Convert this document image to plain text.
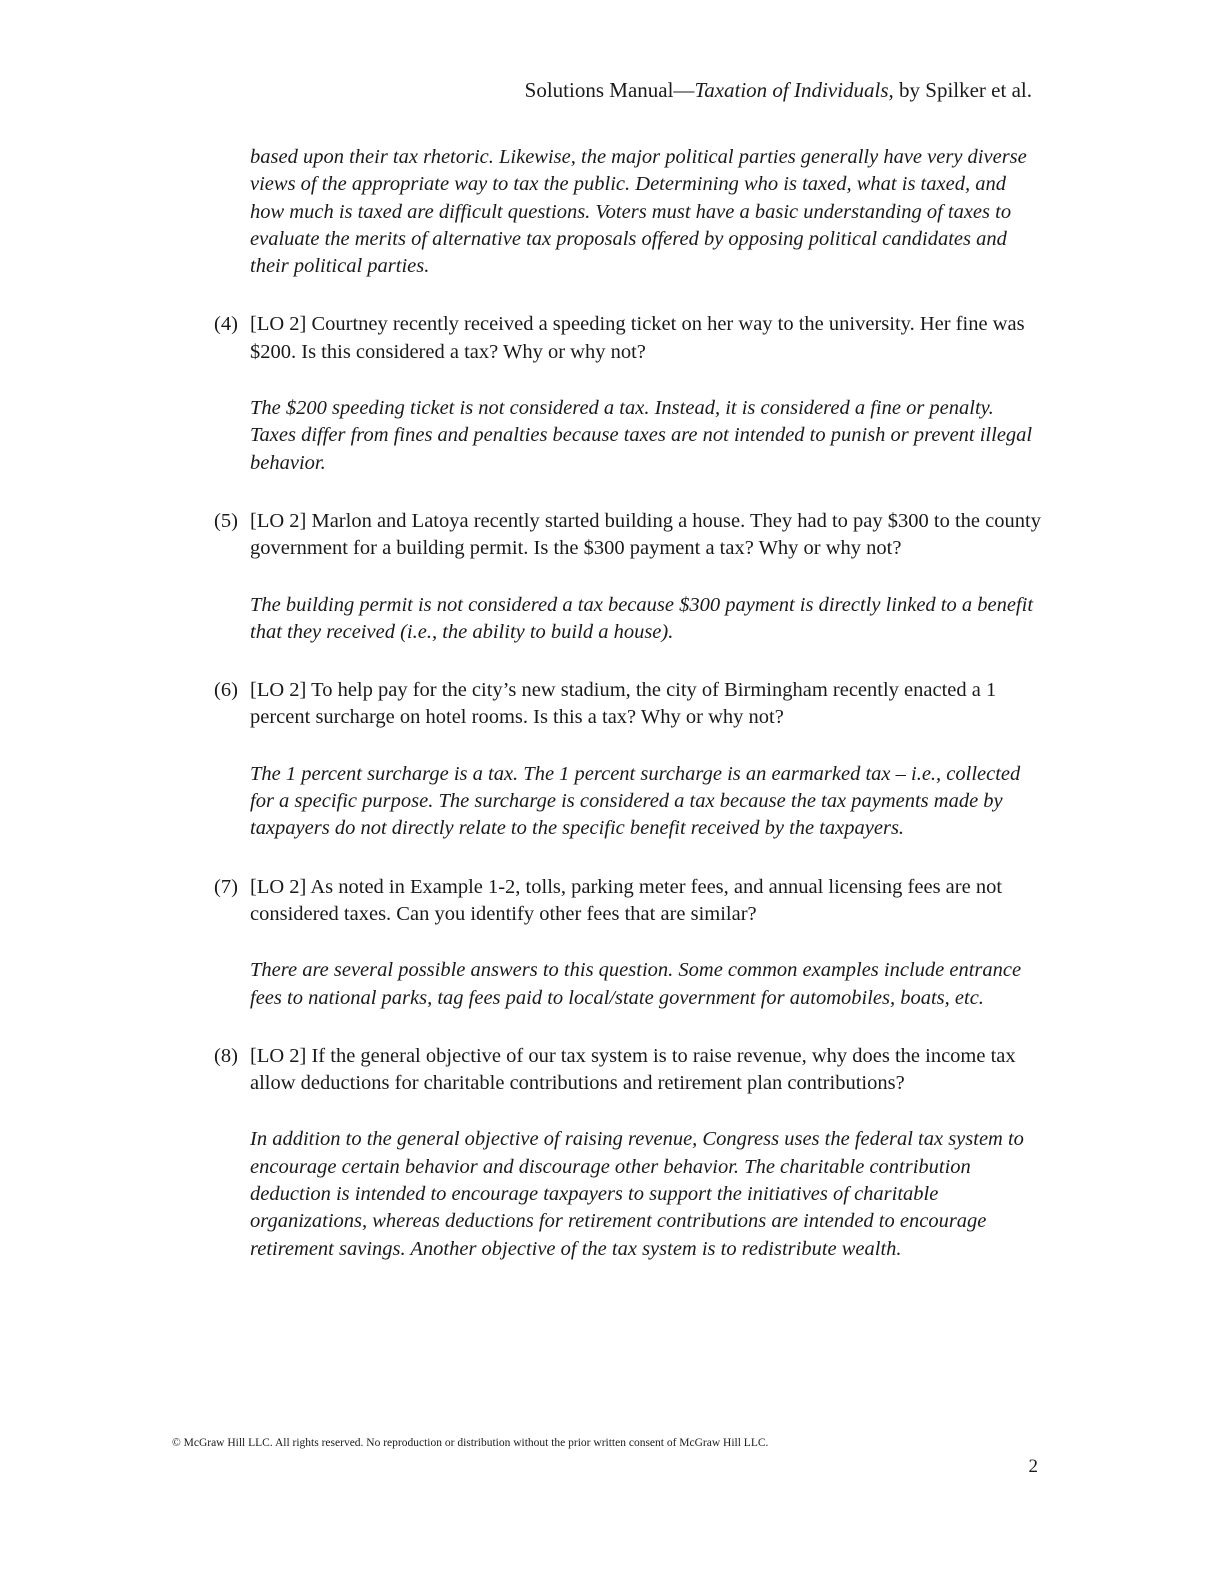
Solutions Manual—Taxation of Individuals, by Spilker et al.

based upon their tax rhetoric. Likewise, the major political parties generally have very diverse views of the appropriate way to tax the public. Determining who is taxed, what is taxed, and how much is taxed are difficult questions. Voters must have a basic understanding of taxes to evaluate the merits of alternative tax proposals offered by opposing political candidates and their political parties.

(4) [LO 2] Courtney recently received a speeding ticket on her way to the university. Her fine was $200. Is this considered a tax? Why or why not?

The $200 speeding ticket is not considered a tax. Instead, it is considered a fine or penalty. Taxes differ from fines and penalties because taxes are not intended to punish or prevent illegal behavior.

(5) [LO 2] Marlon and Latoya recently started building a house. They had to pay $300 to the county government for a building permit. Is the $300 payment a tax? Why or why not?

The building permit is not considered a tax because $300 payment is directly linked to a benefit that they received (i.e., the ability to build a house).

(6) [LO 2] To help pay for the city’s new stadium, the city of Birmingham recently enacted a 1 percent surcharge on hotel rooms. Is this a tax? Why or why not?

The 1 percent surcharge is a tax. The 1 percent surcharge is an earmarked tax – i.e., collected for a specific purpose. The surcharge is considered a tax because the tax payments made by taxpayers do not directly relate to the specific benefit received by the taxpayers.

(7) [LO 2] As noted in Example 1-2, tolls, parking meter fees, and annual licensing fees are not considered taxes. Can you identify other fees that are similar?

There are several possible answers to this question. Some common examples include entrance fees to national parks, tag fees paid to local/state government for automobiles, boats, etc.

(8) [LO 2] If the general objective of our tax system is to raise revenue, why does the income tax allow deductions for charitable contributions and retirement plan contributions?

In addition to the general objective of raising revenue, Congress uses the federal tax system to encourage certain behavior and discourage other behavior. The charitable contribution deduction is intended to encourage taxpayers to support the initiatives of charitable organizations, whereas deductions for retirement contributions are intended to encourage retirement savings. Another objective of the tax system is to redistribute wealth.

© McGraw Hill LLC. All rights reserved. No reproduction or distribution without the prior written consent of McGraw Hill LLC.
2
